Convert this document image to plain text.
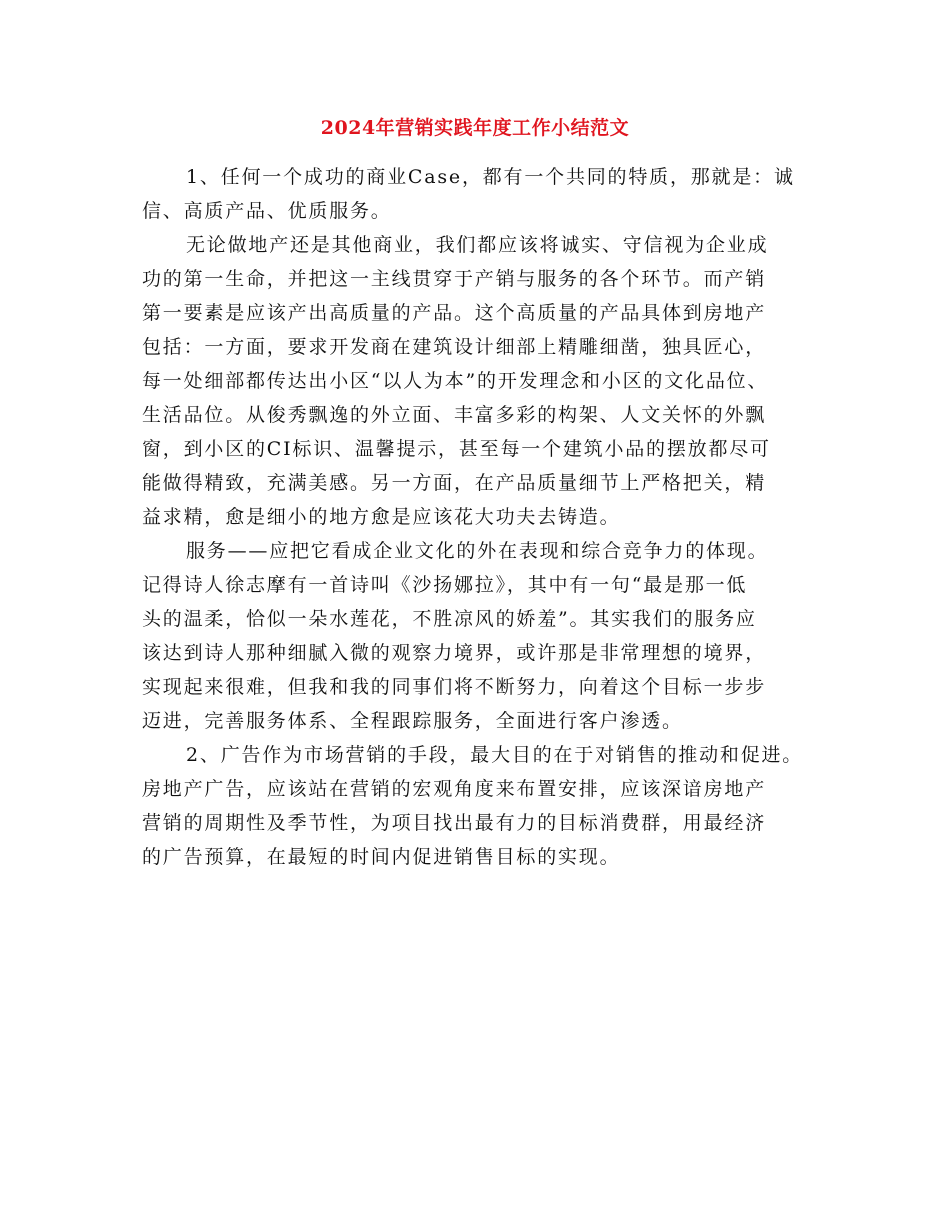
2024年营销实践年度工作小结范文
1、任何一个成功的商业Case，都有一个共同的特质，那就是：诚
信、高质产品、优质服务。
无论做地产还是其他商业，我们都应该将诚实、守信视为企业成
功的第一生命，并把这一主线贯穿于产销与服务的各个环节。而产销
第一要素是应该产出高质量的产品。这个高质量的产品具体到房地产
包括：一方面，要求开发商在建筑设计细部上精雕细凿，独具匠心，
每一处细部都传达出小区“以人为本”的开发理念和小区的文化品位、
生活品位。从俊秀飘逸的外立面、丰富多彩的构架、人文关怀的外飘
窗，到小区的CI标识、温馨提示，甚至每一个建筑小品的摆放都尽可
能做得精致，充满美感。另一方面，在产品质量细节上严格把关，精
益求精，愈是细小的地方愈是应该花大功夫去铸造。
服务——应把它看成企业文化的外在表现和综合竞争力的体现。
记得诗人徐志摩有一首诗叫《沙扬娜拉》，其中有一句“最是那一低
头的温柔，恰似一朵水莲花，不胜凉风的娇羞”。其实我们的服务应
该达到诗人那种细腻入微的观察力境界，或许那是非常理想的境界，
实现起来很难，但我和我的同事们将不断努力，向着这个目标一步步
迈进，完善服务体系、全程跟踪服务，全面进行客户渗透。
2、广告作为市场营销的手段，最大目的在于对销售的推动和促进。
房地产广告，应该站在营销的宏观角度来布置安排，应该深谙房地产
营销的周期性及季节性，为项目找出最有力的目标消费群，用最经济
的广告预算，在最短的时间内促进销售目标的实现。
